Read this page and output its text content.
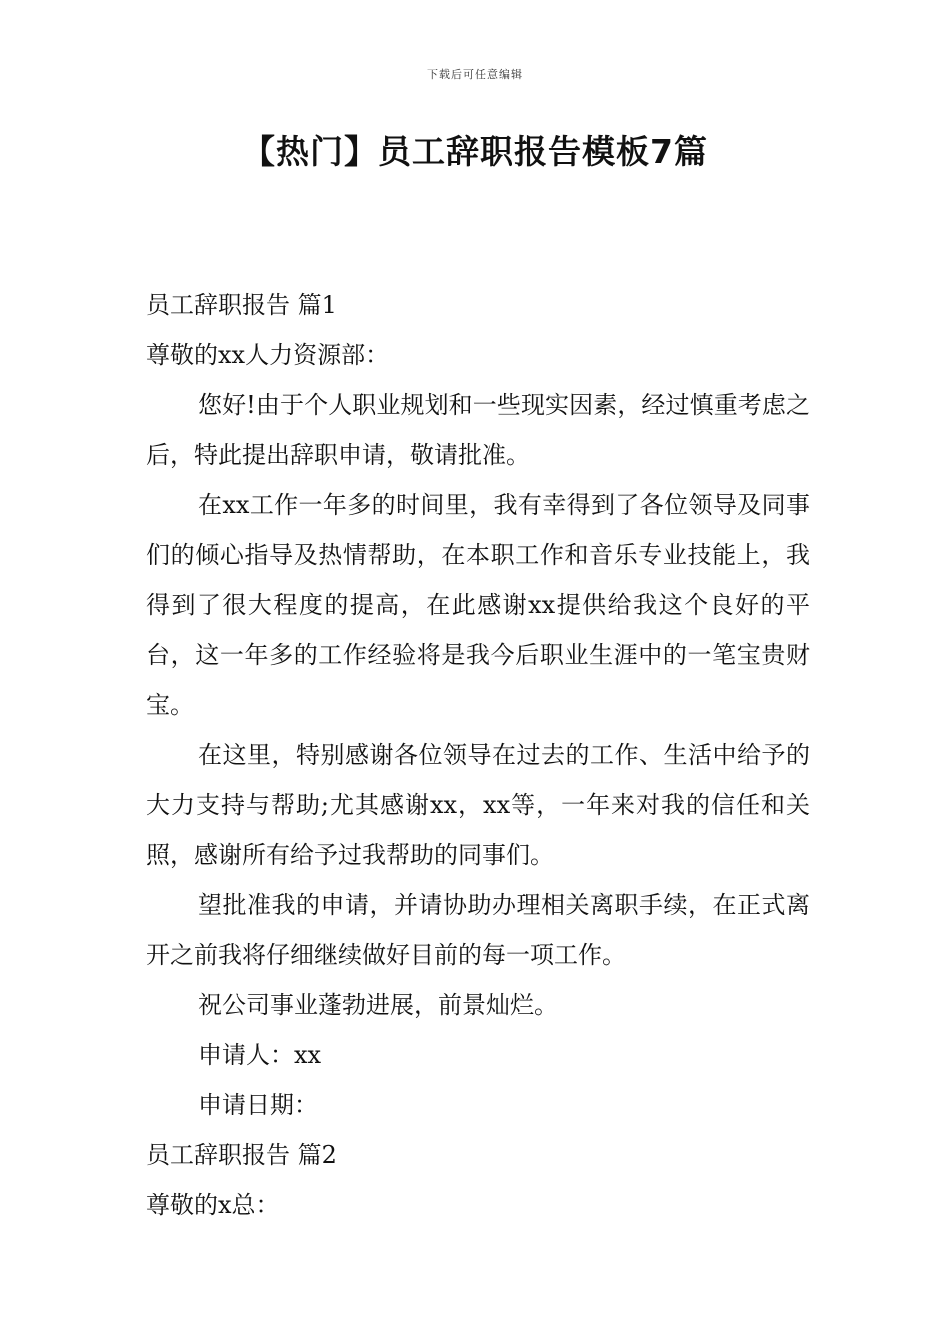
下载后可任意编辑
【热门】员工辞职报告模板7篇

员工辞职报告 篇1

尊敬的xx人力资源部：

您好!由于个人职业规划和一些现实因素，经过慎重考虑之后，特此提出辞职申请，敬请批准。

在xx工作一年多的时间里，我有幸得到了各位领导及同事们的倾心指导及热情帮助，在本职工作和音乐专业技能上，我得到了很大程度的提高，在此感谢xx提供给我这个良好的平台，这一年多的工作经验将是我今后职业生涯中的一笔宝贵财宝。

在这里，特别感谢各位领导在过去的工作、生活中给予的大力支持与帮助;尤其感谢xx，xx等，一年来对我的信任和关照，感谢所有给予过我帮助的同事们。

望批准我的申请，并请协助办理相关离职手续，在正式离开之前我将仔细继续做好目前的每一项工作。

祝公司事业蓬勃进展，前景灿烂。

申请人：xx

申请日期：

员工辞职报告 篇2

尊敬的x总：
